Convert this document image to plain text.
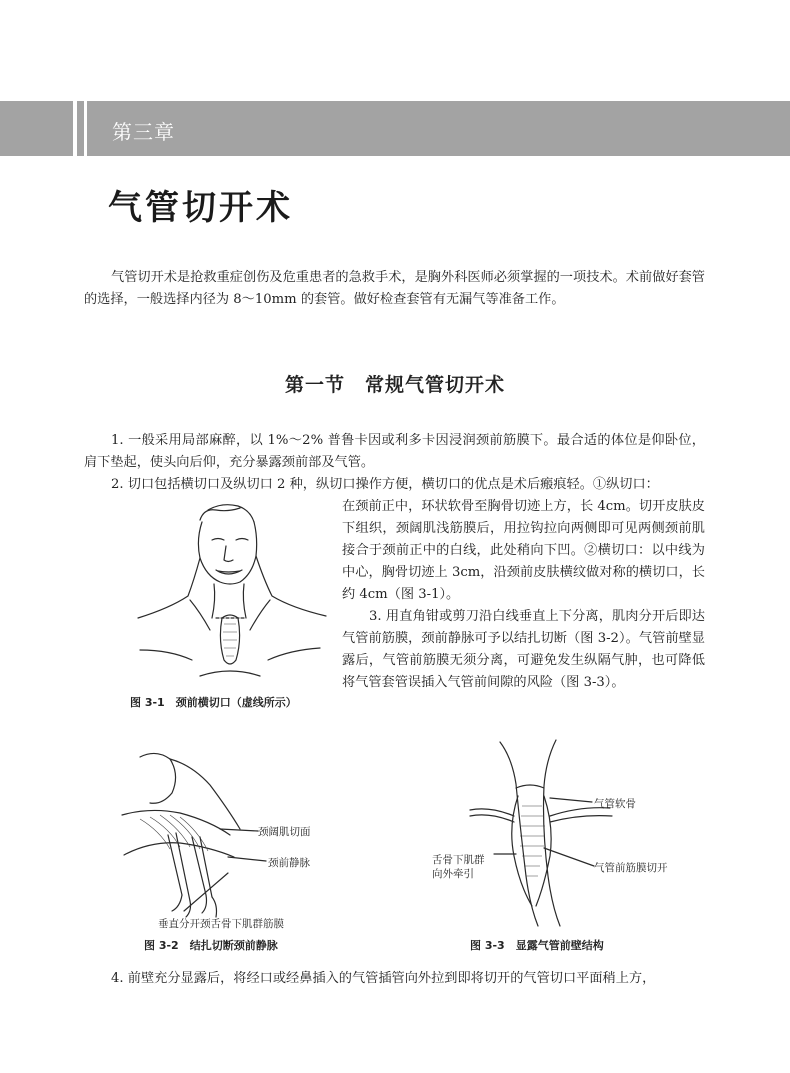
第三章
气管切开术

气管切开术是抢救重症创伤及危重患者的急救手术，是胸外科医师必须掌握的一项技术。术前做好套管的选择，一般选择内径为 8～10mm 的套管。做好检查套管有无漏气等准备工作。

第一节　常规气管切开术

1. 一般采用局部麻醉，以 1%～2% 普鲁卡因或利多卡因浸润颈前筋膜下。最合适的体位是仰卧位，肩下垫起，使头向后仰，充分暴露颈前部及气管。

2. 切口包括横切口及纵切口 2 种，纵切口操作方便，横切口的优点是术后瘢痕轻。①纵切口：

在颈前正中，环状软骨至胸骨切迹上方，长 4cm。切开皮肤皮下组织，颈阔肌浅筋膜后，用拉钩拉向两侧即可见两侧颈前肌接合于颈前正中的白线，此处稍向下凹。②横切口：以中线为中心，胸骨切迹上 3cm，沿颈前皮肤横纹做对称的横切口，长约 4cm（图 3-1）。

3. 用直角钳或剪刀沿白线垂直上下分离，肌肉分开后即达气管前筋膜，颈前静脉可予以结扎切断（图 3-2）。气管前壁显露后，气管前筋膜无须分离，可避免发生纵隔气肿，也可降低将气管套管误插入气管前间隙的风险（图 3-3）。

图 3-1　颈前横切口（虚线所示）
颈阔肌切面
颈前静脉
垂直分开颈舌骨下肌群筋膜
图 3-2　结扎切断颈前静脉
气管软骨
舌骨下肌群
向外牵引	气管前筋膜切开
图 3-3　显露气管前壁结构

4. 前壁充分显露后，将经口或经鼻插入的气管插管向外拉到即将切开的气管切口平面稍上方，
